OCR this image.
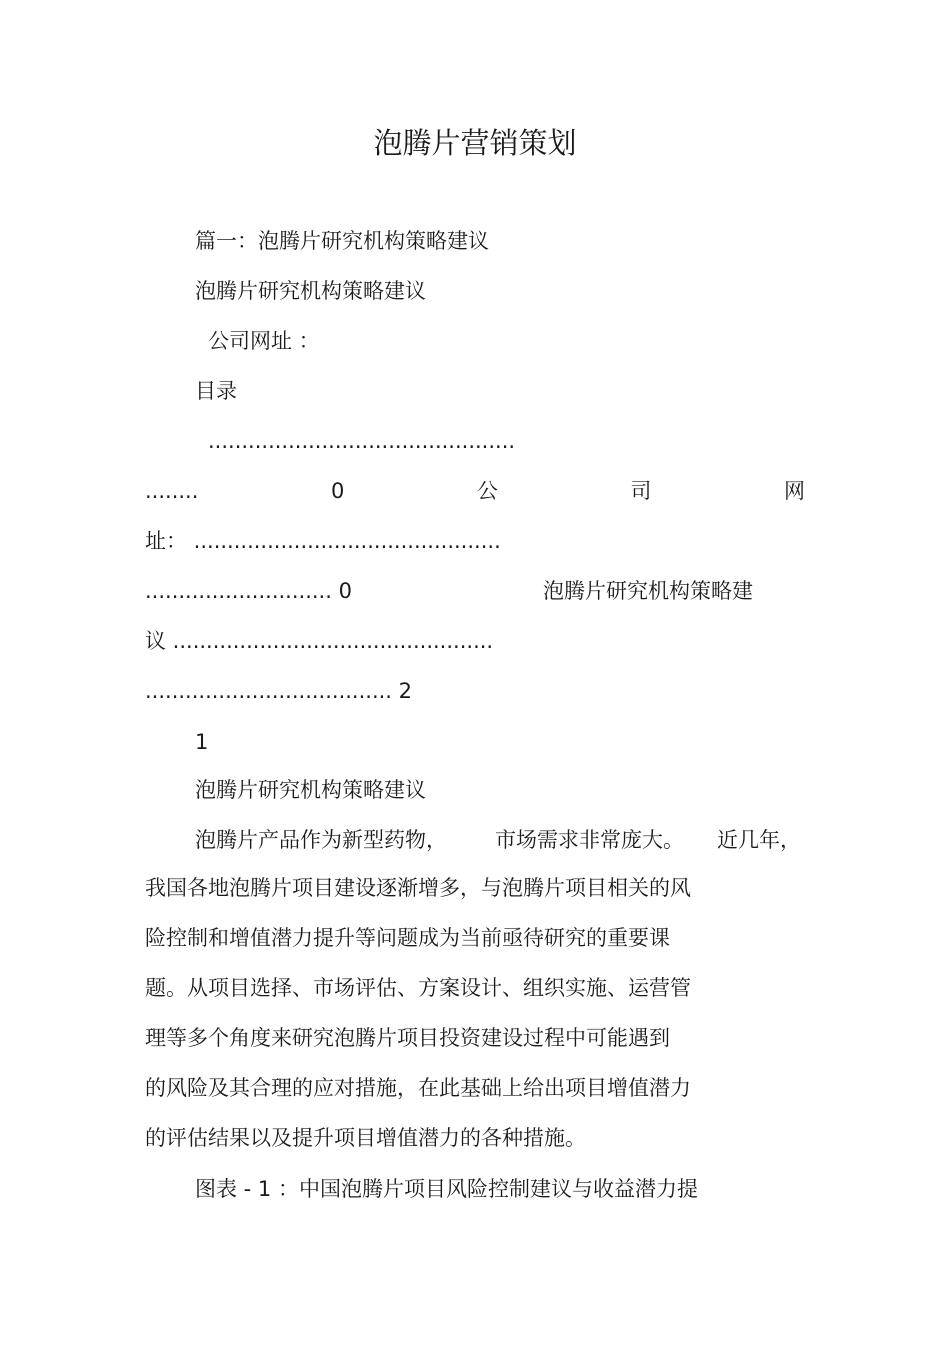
泡腾片营销策划
篇一：泡腾片研究机构策略建议
泡腾片研究机构策略建议
公司网址 ：
目录
..............................................
........	0	公	司	网
址： ..............................................
............................ 0	泡腾片研究机构策略建
议 ................................................
..................................... 2
1
泡腾片研究机构策略建议
泡腾片产品作为新型药物， 市场需求非常庞大。 近几年，
我国各地泡腾片项目建设逐渐增多，与泡腾片项目相关的风
险控制和增值潜力提升等问题成为当前亟待研究的重要课
题。从项目选择、市场评估、方案设计、组织实施、运营管
理等多个角度来研究泡腾片项目投资建设过程中可能遇到
的风险及其合理的应对措施，在此基础上给出项目增值潜力
的评估结果以及提升项目增值潜力的各种措施。
图表 - 1 ：中国泡腾片项目风险控制建议与收益潜力提
